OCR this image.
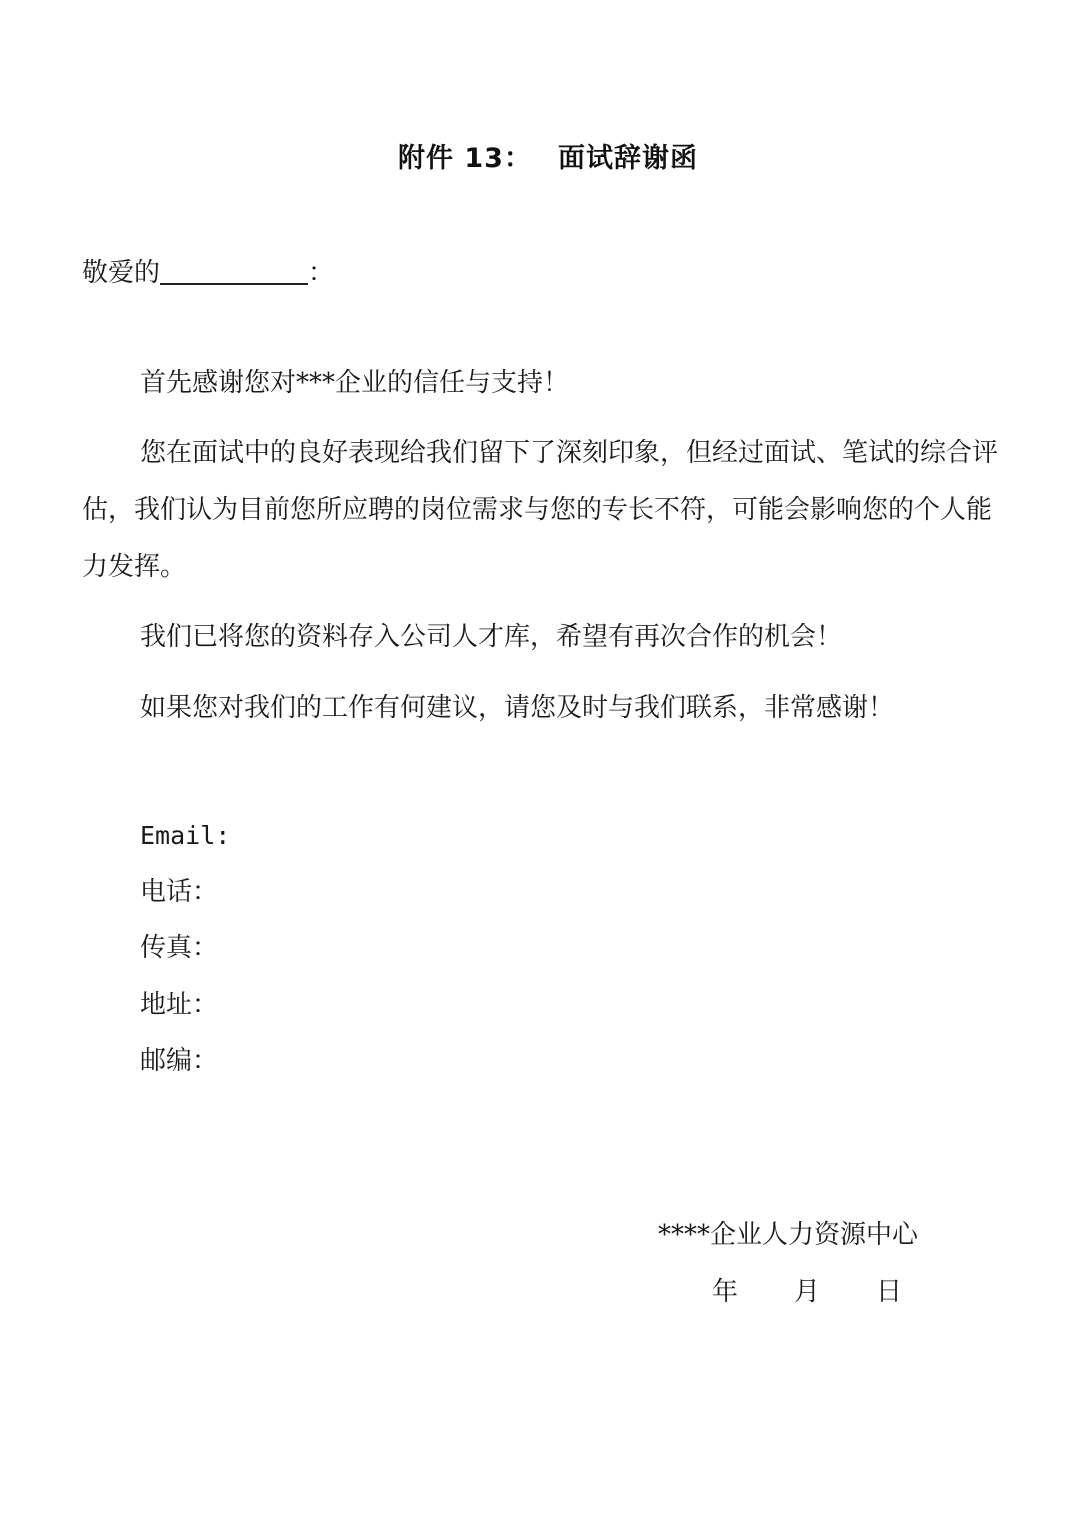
附件 13： 面试辞谢函
敬爱的	：

首先感谢您对***企业的信任与支持！

您在面试中的良好表现给我们留下了深刻印象，但经过面试、笔试的综合评估，我们认为目前您所应聘的岗位需求与您的专长不符，可能会影响您的个人能力发挥。

我们已将您的资料存入公司人才库，希望有再次合作的机会！

如果您对我们的工作有何建议，请您及时与我们联系，非常感谢！

Email:
电话：
传真：
地址：
邮编：
****企业人力资源中心
年 月 日
